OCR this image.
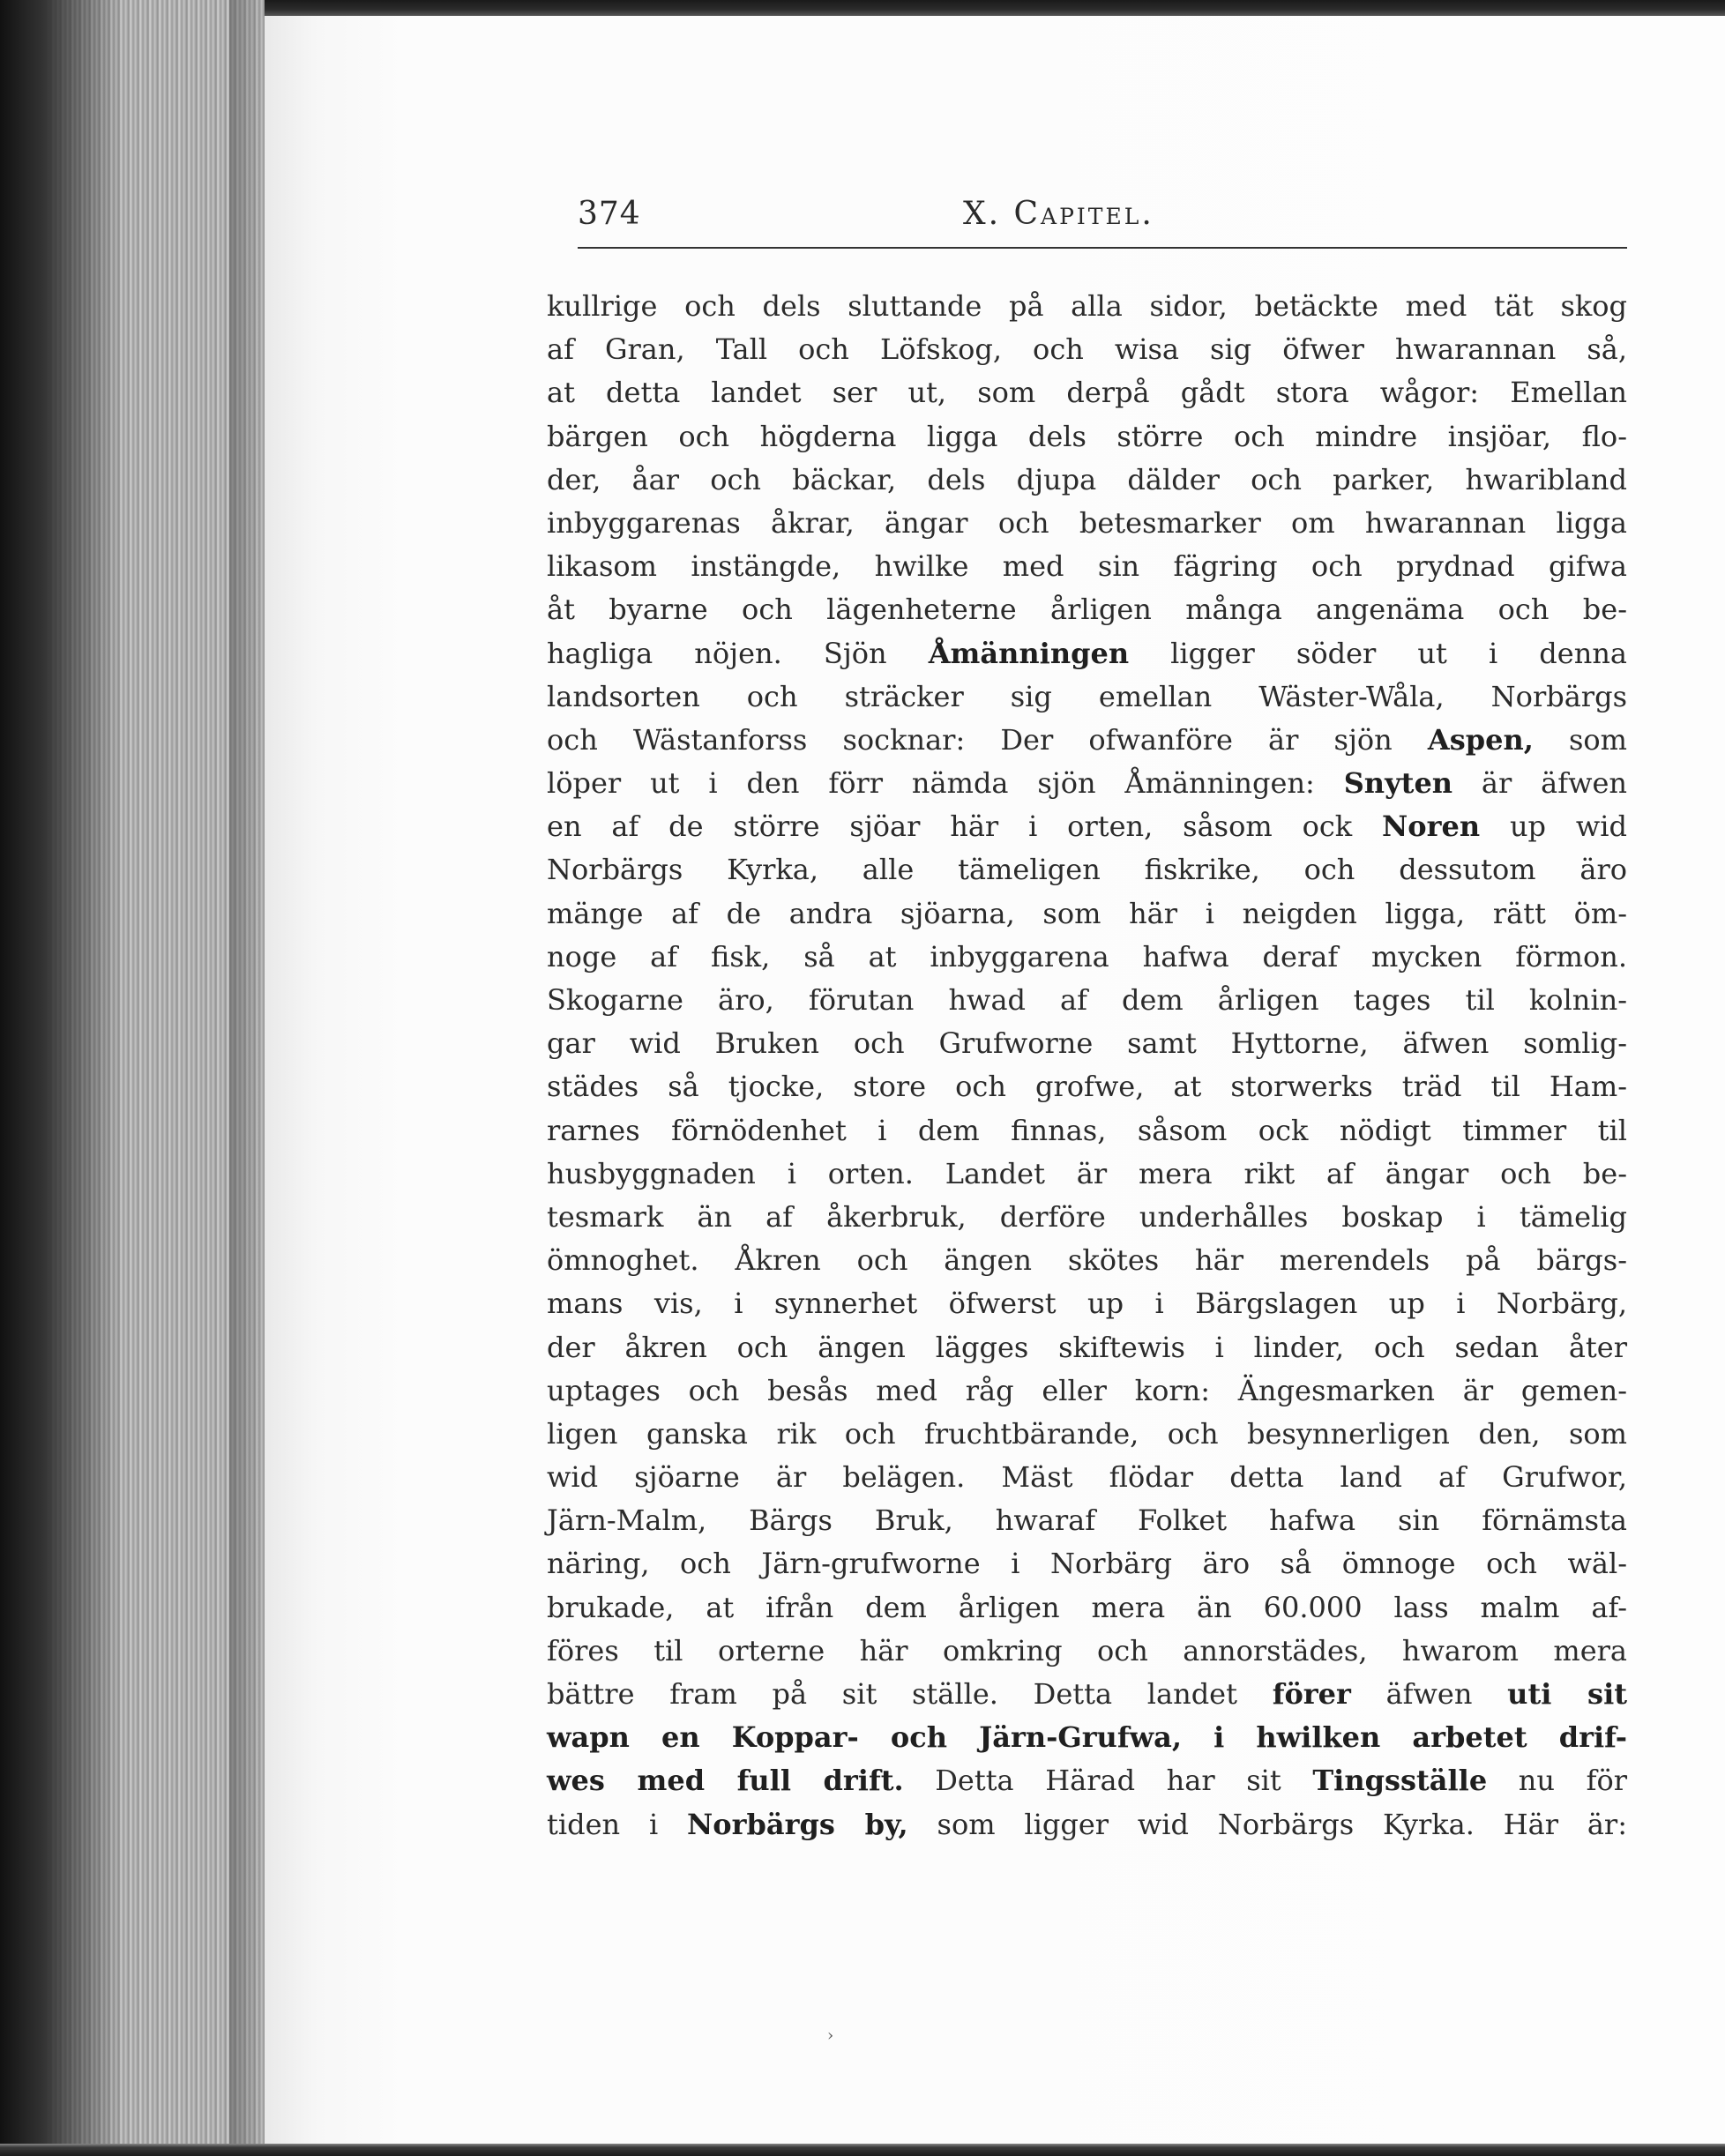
374	X. Capitel.
kullrige och dels sluttande på alla sidor, betäckte med tät skog
af Gran, Tall och Löfskog, och wisa sig öfwer hwarannan så,
at detta landet ser ut, som derpå gådt stora wågor: Emellan
bärgen och högderna ligga dels större och mindre insjöar, flo-
der, åar och bäckar, dels djupa dälder och parker, hwaribland
inbyggarenas åkrar, ängar och betesmarker om hwarannan ligga
likasom instängde, hwilke med sin fägring och prydnad gifwa
åt byarne och lägenheterne årligen många angenäma och be-
hagliga nöjen. Sjön Åmänningen ligger söder ut i denna
landsorten och sträcker sig emellan Wäster-Wåla, Norbärgs
och Wästanforss socknar: Der ofwanföre är sjön Aspen, som
löper ut i den förr nämda sjön Åmänningen: Snyten är äfwen
en af de större sjöar här i orten, såsom ock Noren up wid
Norbärgs Kyrka, alle tämeligen fiskrike, och dessutom äro
mänge af de andra sjöarna, som här i neigden ligga, rätt öm-
noge af fisk, så at inbyggarena hafwa deraf mycken förmon.
Skogarne äro, förutan hwad af dem årligen tages til kolnin-
gar wid Bruken och Grufworne samt Hyttorne, äfwen somlig-
städes så tjocke, store och grofwe, at storwerks träd til Ham-
rarnes förnödenhet i dem finnas, såsom ock nödigt timmer til
husbyggnaden i orten. Landet är mera rikt af ängar och be-
tesmark än af åkerbruk, derföre underhålles boskap i tämelig
ömnoghet. Åkren och ängen skötes här merendels på bärgs-
mans vis, i synnerhet öfwerst up i Bärgslagen up i Norbärg,
der åkren och ängen lägges skiftewis i linder, och sedan åter
uptages och besås med råg eller korn: Ängesmarken är gemen-
ligen ganska rik och fruchtbärande, och besynnerligen den, som
wid sjöarne är belägen. Mäst flödar detta land af Grufwor,
Järn-Malm, Bärgs Bruk, hwaraf Folket hafwa sin förnämsta
näring, och Järn-grufworne i Norbärg äro så ömnoge och wäl-
brukade, at ifrån dem årligen mera än 60.000 lass malm af-
föres til orterne här omkring och annorstädes, hwarom mera
bättre fram på sit ställe. Detta landet förer äfwen uti sit
wapn en Koppar- och Järn-Grufwa, i hwilken arbetet drif-
wes med full drift. Detta Härad har sit Tingsställe nu för
tiden i Norbärgs by, som ligger wid Norbärgs Kyrka. Här är:
›
